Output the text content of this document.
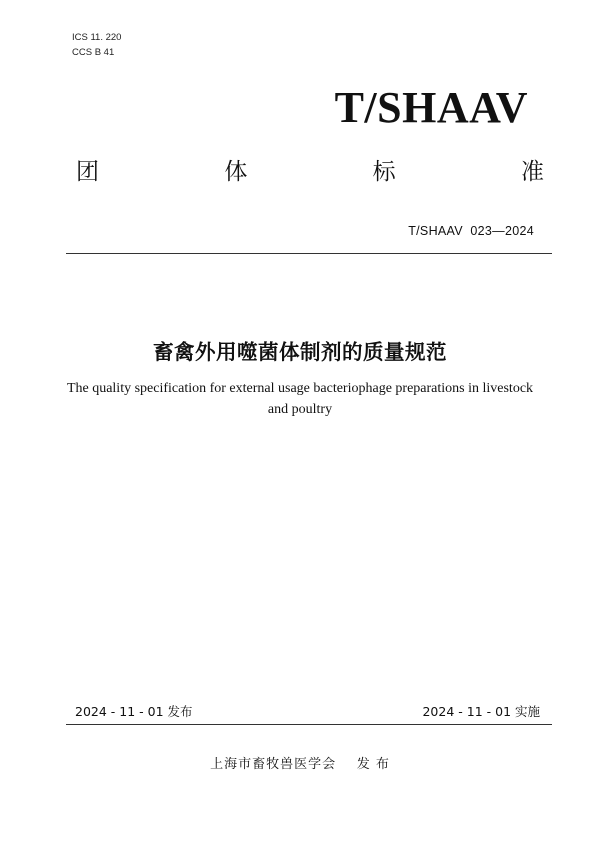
ICS 11. 220
CCS B 41
T/SHAAV
团	体	标	准
T/SHAAV  023—2024
畜禽外用噬菌体制剂的质量规范
The quality specification for external usage bacteriophage preparations in livestock
and poultry
2024 - 11 - 01 发布	2024 - 11 - 01 实施
上海市畜牧兽医学会 发 布
